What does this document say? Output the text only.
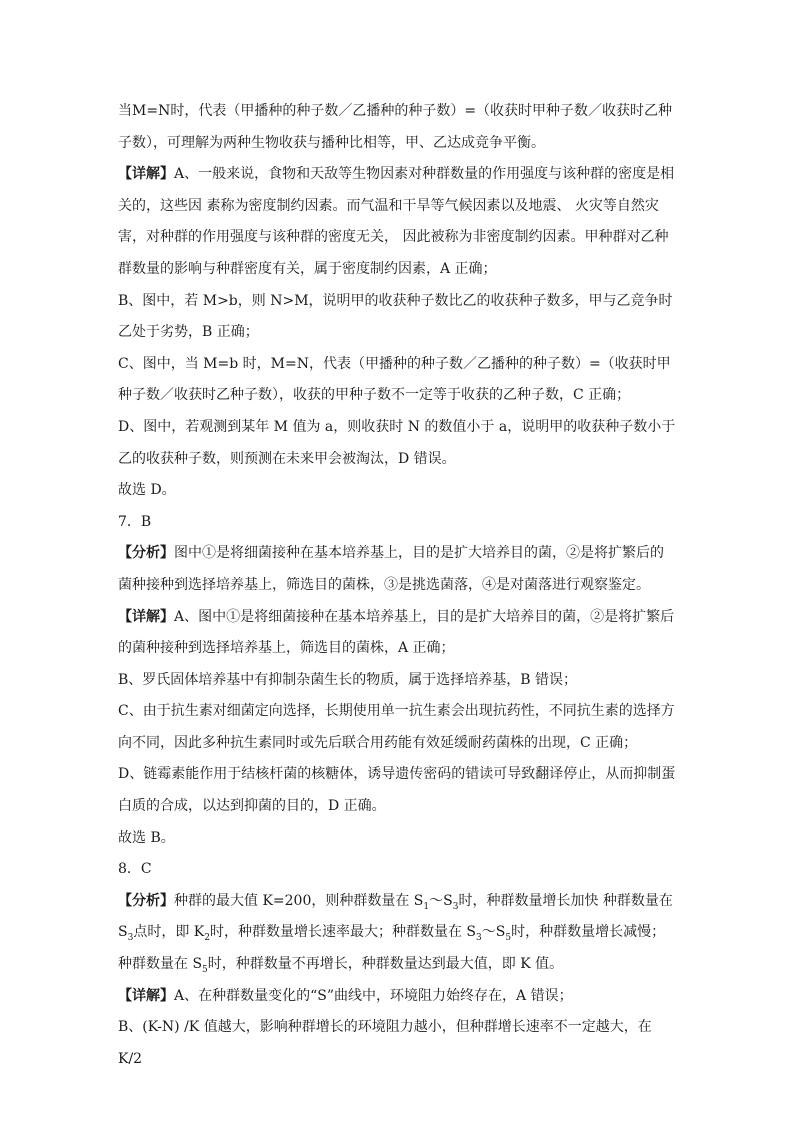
当M=N时，代表（甲播种的种子数／乙播种的种子数）=（收获时甲种子数／收获时乙种子数），可理解为两种生物收获与播种比相等，甲、乙达成竞争平衡。

【详解】A、一般来说，食物和天敌等生物因素对种群数量的作用强度与该种群的密度是相关的，这些因 素称为密度制约因素。而气温和干旱等气候因素以及地震、 火灾等自然灾害，对种群的作用强度与该种群的密度无关， 因此被称为非密度制约因素。甲种群对乙种群数量的影响与种群密度有关，属于密度制约因素，A 正确；

B、图中，若 M>b，则 N>M，说明甲的收获种子数比乙的收获种子数多，甲与乙竞争时乙处于劣势，B 正确；

C、图中，当 M=b 时，M=N，代表（甲播种的种子数／乙播种的种子数）=（收获时甲种子数／收获时乙种子数），收获的甲种子数不一定等于收获的乙种子数，C 正确；

D、图中，若观测到某年 M 值为 a，则收获时 N 的数值小于 a，说明甲的收获种子数小于乙的收获种子数，则预测在未来甲会被淘汰，D 错误。

故选 D。

7．B

【分析】图中①是将细菌接种在基本培养基上，目的是扩大培养目的菌，②是将扩繁后的菌种接种到选择培养基上，筛选目的菌株，③是挑选菌落，④是对菌落进行观察鉴定。

【详解】A、图中①是将细菌接种在基本培养基上，目的是扩大培养目的菌，②是将扩繁后的菌种接种到选择培养基上，筛选目的菌株，A 正确；

B、罗氏固体培养基中有抑制杂菌生长的物质，属于选择培养基，B 错误；

C、由于抗生素对细菌定向选择，长期使用单一抗生素会出现抗药性，不同抗生素的选择方向不同，因此多种抗生素同时或先后联合用药能有效延缓耐药菌株的出现，C 正确；

D、链霉素能作用于结核杆菌的核糖体，诱导遗传密码的错读可导致翻译停止，从而抑制蛋白质的合成，以达到抑菌的目的，D 正确。

故选 B。

8．C

【分析】种群的最大值 K=200，则种群数量在 $S_1\sim S_3$时，种群数量增长加快 种群数量在 $S_3$点时，即 $K_2$时，种群数量增长速率最大；种群数量在 $S_3\sim S_5$时，种群数量增长减慢；种群数量在 $S_5$时，种群数量不再增长，种群数量达到最大值，即 K 值。

【详解】A、在种群数量变化的“S”曲线中，环境阻力始终存在，A 错误；

B、(K-N) /K 值越大，影响种群增长的环境阻力越小，但种群增长速率不一定越大，在 K/2
